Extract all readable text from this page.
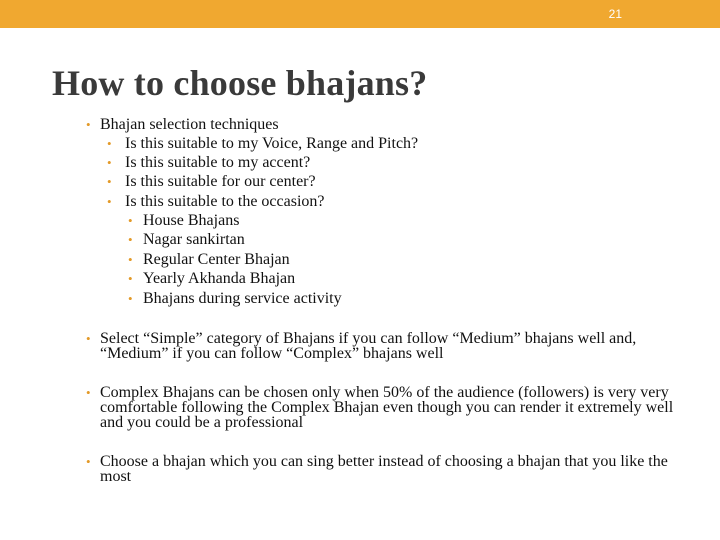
21
How to choose bhajans?
• Bhajan selection techniques
• Is this suitable to my Voice, Range and Pitch?
• Is this suitable to my accent?
• Is this suitable for our center?
• Is this suitable to the occasion?
• House Bhajans
• Nagar sankirtan
• Regular Center Bhajan
• Yearly Akhanda Bhajan
• Bhajans during service activity
• Select “Simple” category of Bhajans if you can follow “Medium” bhajans well and, “Medium” if you can follow “Complex” bhajans well
• Complex Bhajans can be chosen only when 50% of the audience (followers) is very very comfortable following the Complex Bhajan even though you can render it extremely well and you could be a professional
• Choose a bhajan which you can sing better instead of choosing a bhajan that you like the most
